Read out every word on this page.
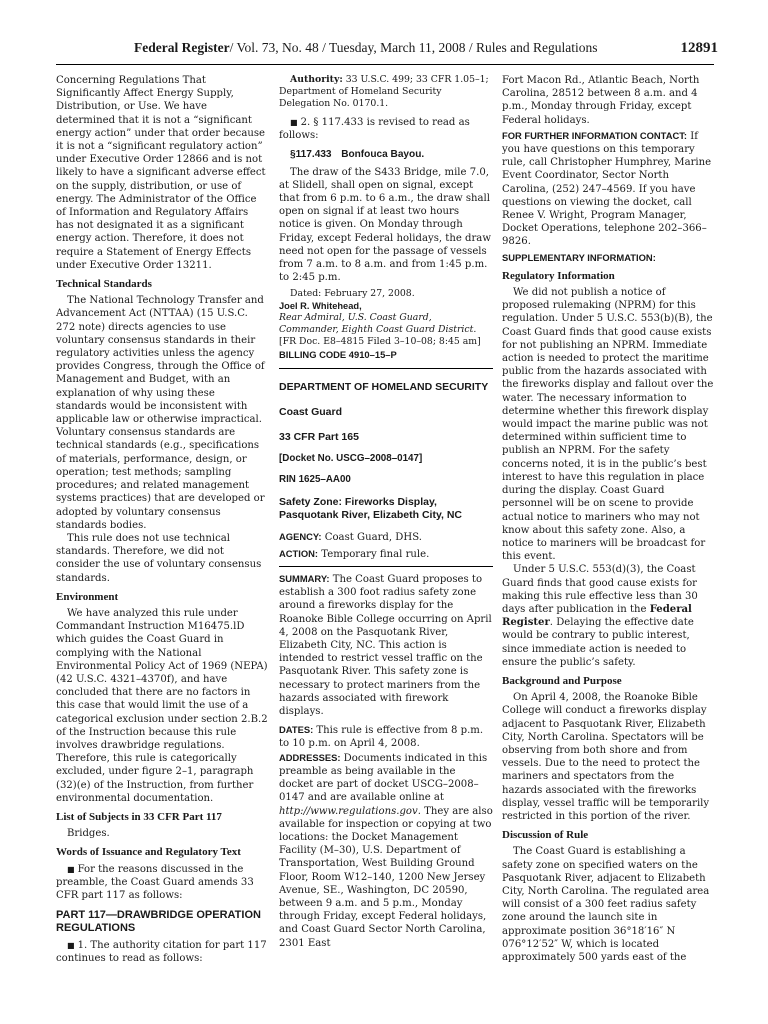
Federal Register/ Vol. 73, No. 48 / Tuesday, March 11, 2008 / Rules and Regulations	12891

Concerning Regulations That Significantly Affect Energy Supply, Distribution, or Use. We have determined that it is not a “significant energy action” under that order because it is not a “significant regulatory action” under Executive Order 12866 and is not likely to have a significant adverse effect on the supply, distribution, or use of energy. The Administrator of the Office of Information and Regulatory Affairs has not designated it as a significant energy action. Therefore, it does not require a Statement of Energy Effects under Executive Order 13211.

Technical Standards

The National Technology Transfer and Advancement Act (NTTAA) (15 U.S.C. 272 note) directs agencies to use voluntary consensus standards in their regulatory activities unless the agency provides Congress, through the Office of Management and Budget, with an explanation of why using these standards would be inconsistent with applicable law or otherwise impractical. Voluntary consensus standards are technical standards (e.g., specifications of materials, performance, design, or operation; test methods; sampling procedures; and related management systems practices) that are developed or adopted by voluntary consensus standards bodies.

This rule does not use technical standards. Therefore, we did not consider the use of voluntary consensus standards.

Environment

We have analyzed this rule under Commandant Instruction M16475.lD which guides the Coast Guard in complying with the National Environmental Policy Act of 1969 (NEPA) (42 U.S.C. 4321–4370f), and have concluded that there are no factors in this case that would limit the use of a categorical exclusion under section 2.B.2 of the Instruction because this rule involves drawbridge regulations. Therefore, this rule is categorically excluded, under figure 2–1, paragraph (32)(e) of the Instruction, from further environmental documentation.

List of Subjects in 33 CFR Part 117

Bridges.

Words of Issuance and Regulatory Text

■ For the reasons discussed in the preamble, the Coast Guard amends 33 CFR part 117 as follows:

PART 117—DRAWBRIDGE OPERATION REGULATIONS

■ 1. The authority citation for part 117 continues to read as follows:

Authority: 33 U.S.C. 499; 33 CFR 1.05–1; Department of Homeland Security Delegation No. 0170.1.

■ 2. § 117.433 is revised to read as follows:

§117.433 Bonfouca Bayou.

The draw of the S433 Bridge, mile 7.0, at Slidell, shall open on signal, except that from 6 p.m. to 6 a.m., the draw shall open on signal if at least two hours notice is given. On Monday through Friday, except Federal holidays, the draw need not open for the passage of vessels from 7 a.m. to 8 a.m. and from 1:45 p.m. to 2:45 p.m.

Dated: February 27, 2008.

Joel R. Whitehead,

Rear Admiral, U.S. Coast Guard, Commander, Eighth Coast Guard District.

[FR Doc. E8–4815 Filed 3–10–08; 8:45 am]

BILLING CODE 4910–15–P

DEPARTMENT OF HOMELAND SECURITY
Coast Guard
33 CFR Part 165
[Docket No. USCG–2008–0147]
RIN 1625–AA00
Safety Zone: Fireworks Display, Pasquotank River, Elizabeth City, NC

AGENCY: Coast Guard, DHS.

ACTION: Temporary final rule.

SUMMARY: The Coast Guard proposes to establish a 300 foot radius safety zone around a fireworks display for the Roanoke Bible College occurring on April 4, 2008 on the Pasquotank River, Elizabeth City, NC. This action is intended to restrict vessel traffic on the Pasquotank River. This safety zone is necessary to protect mariners from the hazards associated with firework displays.

DATES: This rule is effective from 8 p.m. to 10 p.m. on April 4, 2008.

ADDRESSES: Documents indicated in this preamble as being available in the docket are part of docket USCG–2008–0147 and are available online at http://www.regulations.gov. They are also available for inspection or copying at two locations: the Docket Management Facility (M–30), U.S. Department of Transportation, West Building Ground Floor, Room W12–140, 1200 New Jersey Avenue, SE., Washington, DC 20590, between 9 a.m. and 5 p.m., Monday through Friday, except Federal holidays, and Coast Guard Sector North Carolina, 2301 East

Fort Macon Rd., Atlantic Beach, North Carolina, 28512 between 8 a.m. and 4 p.m., Monday through Friday, except Federal holidays.

FOR FURTHER INFORMATION CONTACT: If you have questions on this temporary rule, call Christopher Humphrey, Marine Event Coordinator, Sector North Carolina, (252) 247–4569. If you have questions on viewing the docket, call Renee V. Wright, Program Manager, Docket Operations, telephone 202–366–9826.

SUPPLEMENTARY INFORMATION:

Regulatory Information

We did not publish a notice of proposed rulemaking (NPRM) for this regulation. Under 5 U.S.C. 553(b)(B), the Coast Guard finds that good cause exists for not publishing an NPRM. Immediate action is needed to protect the maritime public from the hazards associated with the fireworks display and fallout over the water. The necessary information to determine whether this firework display would impact the marine public was not determined within sufficient time to publish an NPRM. For the safety concerns noted, it is in the public’s best interest to have this regulation in place during the display. Coast Guard personnel will be on scene to provide actual notice to mariners who may not know about this safety zone. Also, a notice to mariners will be broadcast for this event.

Under 5 U.S.C. 553(d)(3), the Coast Guard finds that good cause exists for making this rule effective less than 30 days after publication in the Federal Register. Delaying the effective date would be contrary to public interest, since immediate action is needed to ensure the public’s safety.

Background and Purpose

On April 4, 2008, the Roanoke Bible College will conduct a fireworks display adjacent to Pasquotank River, Elizabeth City, North Carolina. Spectators will be observing from both shore and from vessels. Due to the need to protect the mariners and spectators from the hazards associated with the fireworks display, vessel traffic will be temporarily restricted in this portion of the river.

Discussion of Rule

The Coast Guard is establishing a safety zone on specified waters on the Pasquotank River, adjacent to Elizabeth City, North Carolina. The regulated area will consist of a 300 feet radius safety zone around the launch site in approximate position 36°18′16″ N 076°12′52″ W, which is located approximately 500 yards east of the
